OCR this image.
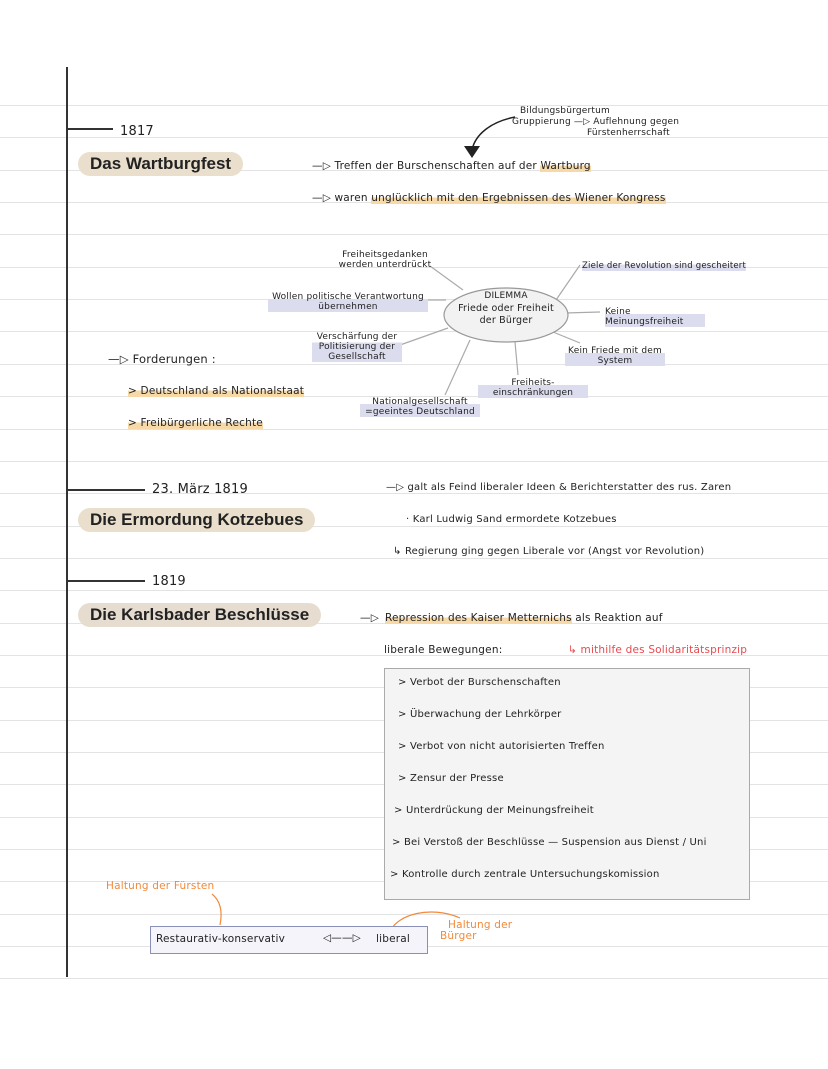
1817
Das Wartburgfest
Bildungsbürgertum
Gruppierung —▷ Auflehnung gegen
Fürstenherrschaft
—▷ Treffen der Burschenschaften auf der Wartburg
—▷ waren unglücklich mit den Ergebnissen des Wiener Kongress
—▷ Forderungen :
> Deutschland als Nationalstaat
> Freibürgerliche Rechte
DILEMMA
Friede oder Freiheit
der Bürger
Freiheitsgedanken werden unterdrückt	Ziele der Revolution sind gescheitert
Wollen politische Verantwortung übernehmen	Keine Meinungsfreiheit
Verschärfung der Politisierung der Gesellschaft
Kein Friede mit dem System
Freiheits-einschränkungen
Nationalgesellschaft =geeintes Deutschland
23. März 1819
Die Ermordung Kotzebues
—▷ galt als Feind liberaler Ideen & Berichterstatter des rus. Zaren
· Karl Ludwig Sand ermordete Kotzebues
↳ Regierung ging gegen Liberale vor (Angst vor Revolution)
1819
Die Karlsbader Beschlüsse	—▷ Repression des Kaiser Metternichs als Reaktion auf
liberale Bewegungen:	↳ mithilfe des Solidaritätsprinzip
> Verbot der Burschenschaften
> Überwachung der Lehrkörper
> Verbot von nicht autorisierten Treffen
> Zensur der Presse
> Unterdrückung der Meinungsfreiheit
> Bei Verstoß der Beschlüsse — Suspension aus Dienst / Uni
> Kontrolle durch zentrale Untersuchungskomission
Haltung der Fürsten
Haltung der
Bürger
Restaurativ-konservativ	◁——▷ liberal
